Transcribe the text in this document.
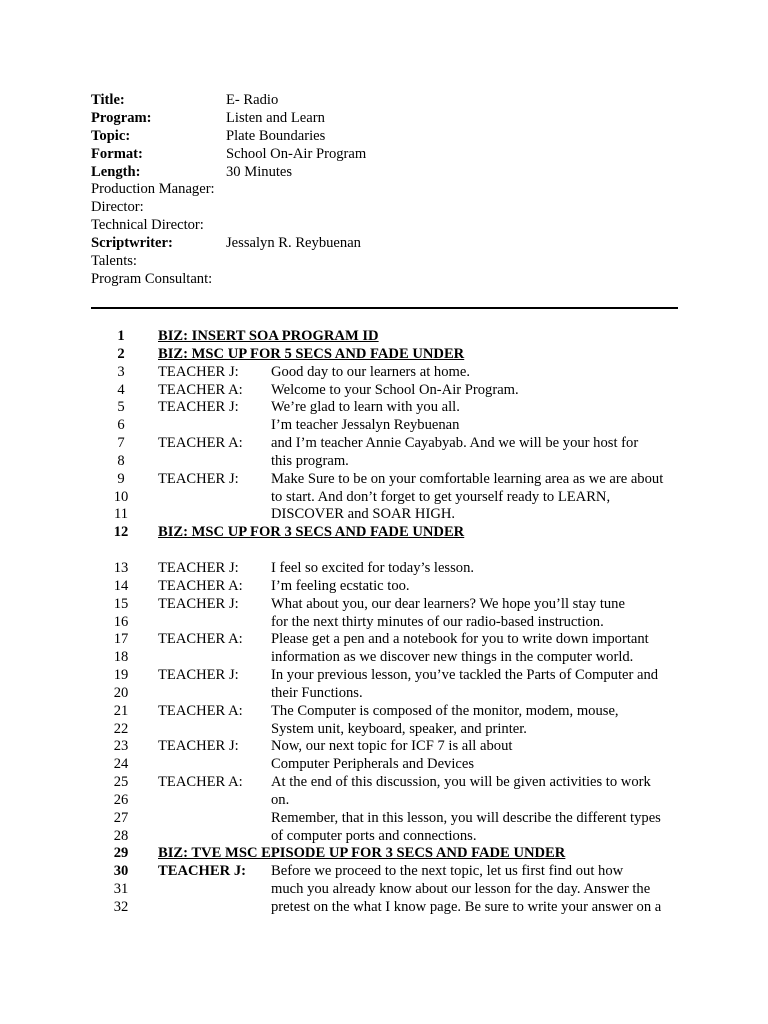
Title:	E- Radio
Program:	Listen and Learn
Topic:	Plate Boundaries
Format:	School On-Air Program
Length:	30 Minutes
Production Manager:
Director:
Technical Director:
Scriptwriter:	Jessalyn R. Reybuenan
Talents:
Program Consultant:
1	BIZ: INSERT SOA PROGRAM ID
2	BIZ: MSC UP FOR 5 SECS AND FADE UNDER
3	TEACHER J: Good day to our learners at home.
4	TEACHER A: Welcome to your School On-Air Program.
5	TEACHER J: We’re glad to learn with you all.
6	I’m teacher Jessalyn Reybuenan
7	TEACHER A: and I’m teacher Annie Cayabyab. And we will be your host for
8	this program.
9	TEACHER J: Make Sure to be on your comfortable learning area as we are about
10	to start. And don’t forget to get yourself ready to LEARN,
11	DISCOVER and SOAR HIGH.
12 BIZ: MSC UP FOR 3 SECS AND FADE UNDER
13 TEACHER J: I feel so excited for today’s lesson.
14 TEACHER A: I’m feeling ecstatic too.
15 TEACHER J: What about you, our dear learners? We hope you’ll stay tune
16	for the next thirty minutes of our radio-based instruction.
17 TEACHER A: Please get a pen and a notebook for you to write down important
18	information as we discover new things in the computer world.
19 TEACHER J: In your previous lesson, you’ve tackled the Parts of Computer and
20	their Functions.
21 TEACHER A: The Computer is composed of the monitor, modem, mouse,
22	System unit, keyboard, speaker, and printer.
23 TEACHER J: Now, our next topic for ICF 7 is all about
24	Computer Peripherals and Devices
25 TEACHER A: At the end of this discussion, you will be given activities to work
26	on.
27	Remember, that in this lesson, you will describe the different types
28	of computer ports and connections.
29 BIZ: TVE MSC EPISODE UP FOR 3 SECS AND FADE UNDER
30 TEACHER J: Before we proceed to the next topic, let us first find out how
31	much you already know about our lesson for the day. Answer the
32	pretest on the what I know page. Be sure to write your answer on a
